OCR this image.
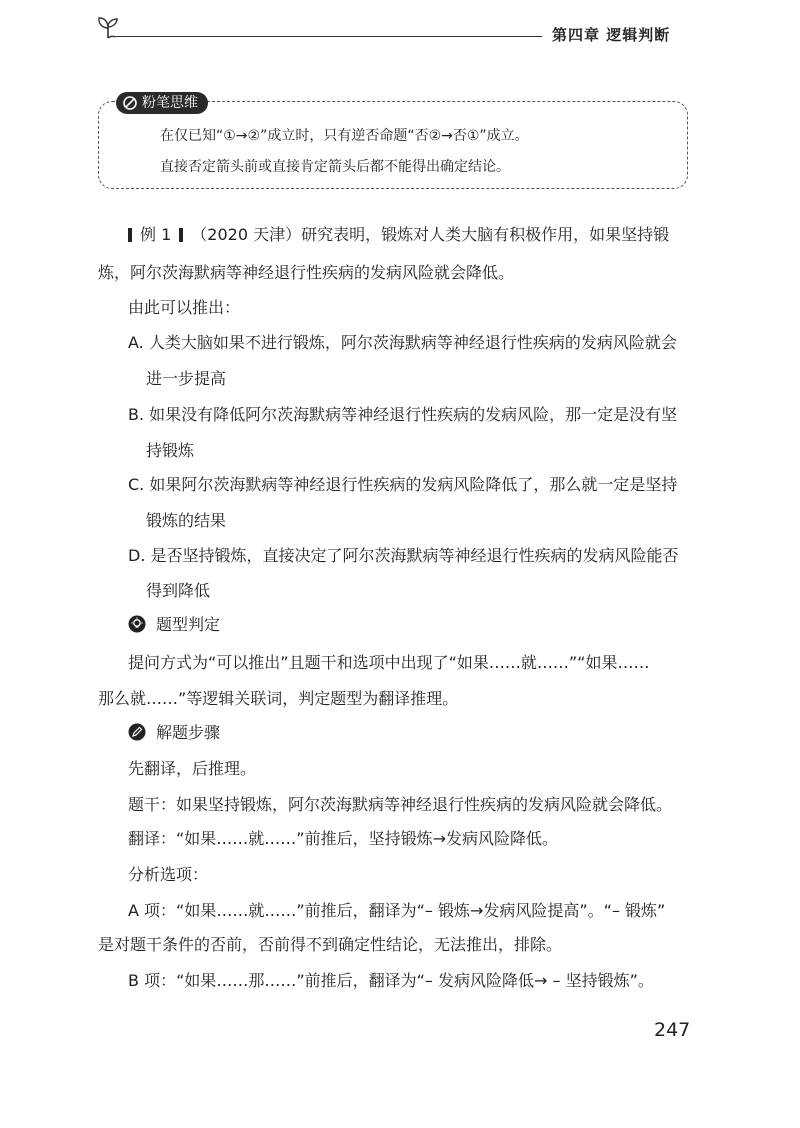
第四章 逻辑判断
粉笔思维
在仅已知“①→②”成立时，只有逆否命题“否②→否①”成立。
直接否定箭头前或直接肯定箭头后都不能得出确定结论。
例 1 （2020 天津）研究表明，锻炼对人类大脑有积极作用，如果坚持锻
炼，阿尔茨海默病等神经退行性疾病的发病风险就会降低。
由此可以推出：
A. 人类大脑如果不进行锻炼，阿尔茨海默病等神经退行性疾病的发病风险就会
进一步提高
B. 如果没有降低阿尔茨海默病等神经退行性疾病的发病风险，那一定是没有坚
持锻炼
C. 如果阿尔茨海默病等神经退行性疾病的发病风险降低了，那么就一定是坚持
锻炼的结果
D. 是否坚持锻炼，直接决定了阿尔茨海默病等神经退行性疾病的发病风险能否
得到降低
题型判定
提问方式为“可以推出”且题干和选项中出现了“如果……就……”“如果……
那么就……”等逻辑关联词，判定题型为翻译推理。
解题步骤
先翻译，后推理。
题干：如果坚持锻炼，阿尔茨海默病等神经退行性疾病的发病风险就会降低。
翻译：“如果……就……”前推后，坚持锻炼→发病风险降低。
分析选项：
A 项：“如果……就……”前推后，翻译为“– 锻炼→发病风险提高”。“– 锻炼”
是对题干条件的否前，否前得不到确定性结论，无法推出，排除。
B 项：“如果……那……”前推后，翻译为“– 发病风险降低→ – 坚持锻炼”。
247
